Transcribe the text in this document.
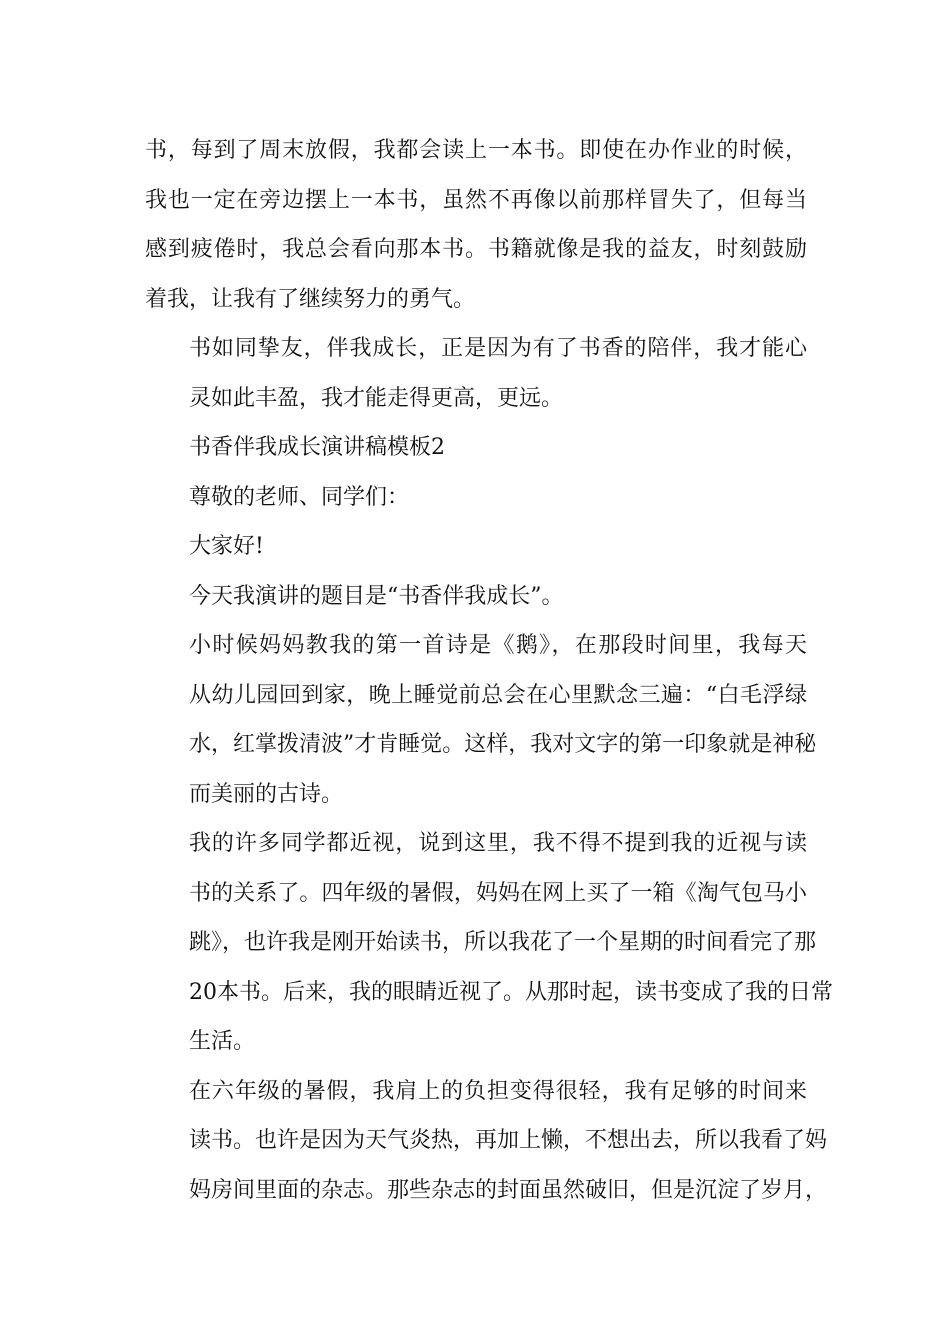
书，每到了周末放假，我都会读上一本书。即使在办作业的时候，
我也一定在旁边摆上一本书，虽然不再像以前那样冒失了，但每当
感到疲倦时，我总会看向那本书。书籍就像是我的益友，时刻鼓励
着我，让我有了继续努力的勇气。

书如同挚友，伴我成长，正是因为有了书香的陪伴，我才能心
灵如此丰盈，我才能走得更高，更远。

书香伴我成长演讲稿模板2

尊敬的老师、同学们：

大家好!

今天我演讲的题目是“书香伴我成长”。

小时候妈妈教我的第一首诗是《鹅》，在那段时间里，我每天
从幼儿园回到家，晚上睡觉前总会在心里默念三遍：“白毛浮绿
水，红掌拨清波”才肯睡觉。这样，我对文字的第一印象就是神秘
而美丽的古诗。

我的许多同学都近视，说到这里，我不得不提到我的近视与读
书的关系了。四年级的暑假，妈妈在网上买了一箱《淘气包马小
跳》，也许我是刚开始读书，所以我花了一个星期的时间看完了那
20本书。后来，我的眼睛近视了。从那时起，读书变成了我的日常
生活。

在六年级的暑假，我肩上的负担变得很轻，我有足够的时间来
读书。也许是因为天气炎热，再加上懒，不想出去，所以我看了妈
妈房间里面的杂志。那些杂志的封面虽然破旧，但是沉淀了岁月，
